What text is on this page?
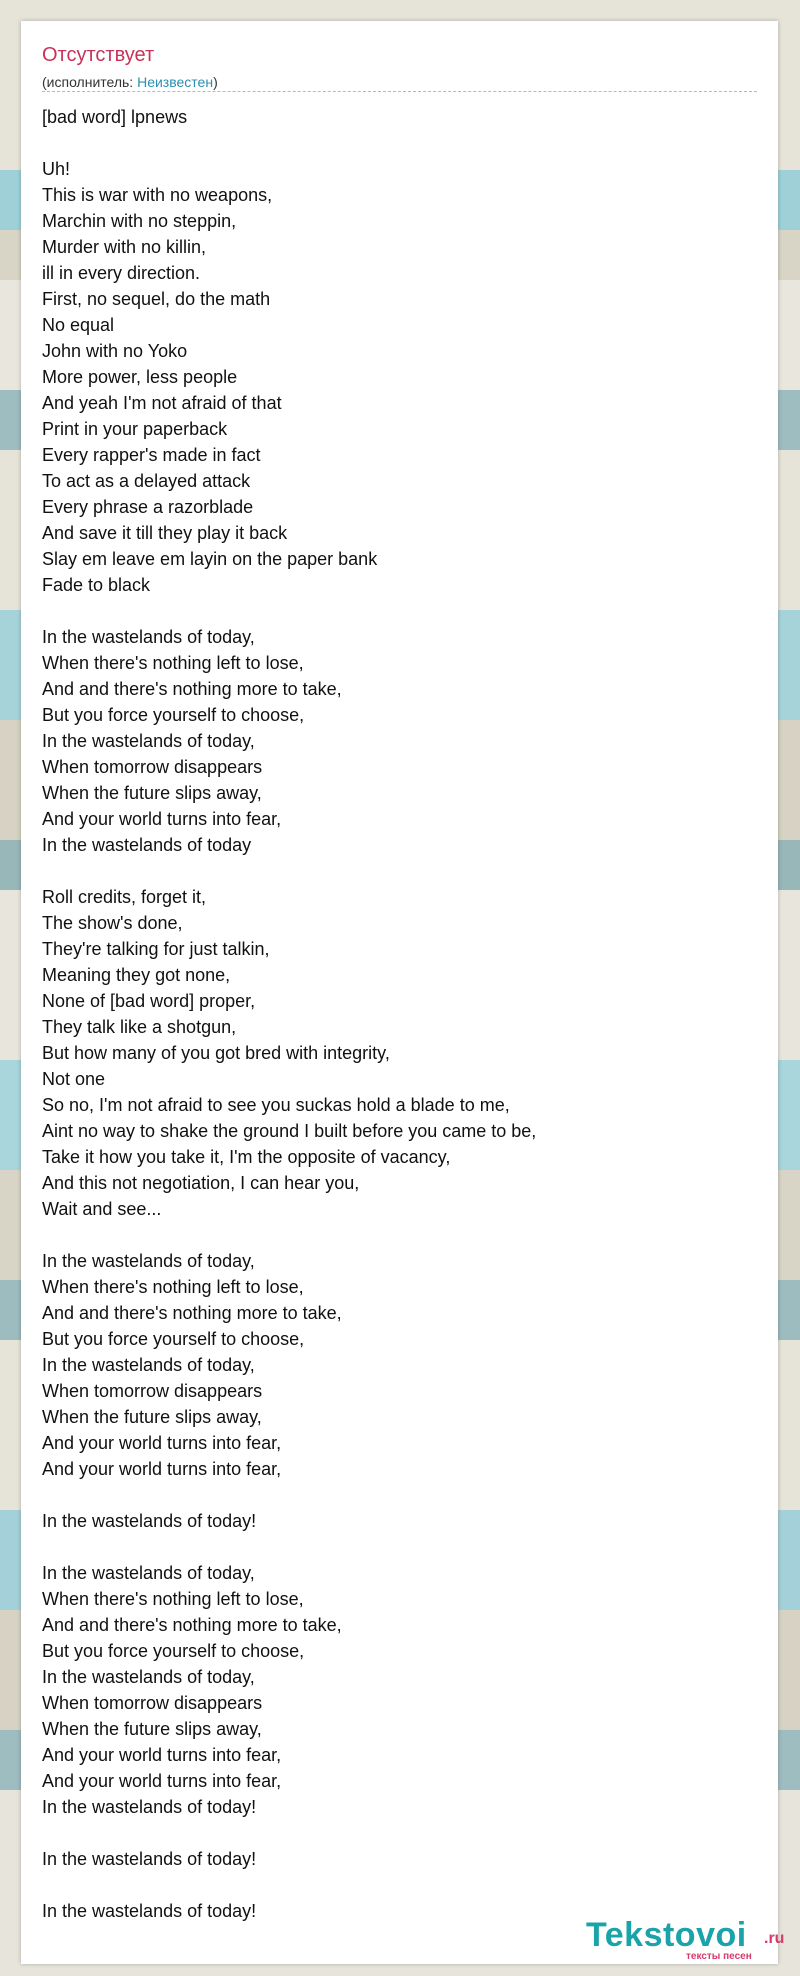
Отсутствует
(исполнитель: Неизвестен)
[bad word] lpnews

Uh!
This is war with no weapons,
Marchin with no steppin,
Murder with no killin,
ill in every direction.
First, no sequel, do the math
No equal
John with no Yoko
More power, less people
And yeah I'm not afraid of that
Print in your paperback
Every rapper's made in fact
To act as a delayed attack
Every phrase a razorblade
And save it till they play it back
Slay em leave em layin on the paper bank
Fade to black

In the wastelands of today,
When there's nothing left to lose,
And and there's nothing more to take,
But you force yourself to choose,
In the wastelands of today,
When tomorrow disappears
When the future slips away,
And your world turns into fear,
In the wastelands of today

Roll credits, forget it,
The show's done,
They're talking for just talkin,
Meaning they got none,
None of [bad word] proper,
They talk like a shotgun,
But how many of you got bred with integrity,
Not one
So no, I'm not afraid to see you suckas hold a blade to me,
Aint no way to shake the ground I built before you came to be,
Take it how you take it, I'm the opposite of vacancy,
And this not negotiation, I can hear you,
Wait and see...

In the wastelands of today,
When there's nothing left to lose,
And and there's nothing more to take,
But you force yourself to choose,
In the wastelands of today,
When tomorrow disappears
When the future slips away,
And your world turns into fear,
And your world turns into fear,

In the wastelands of today!

In the wastelands of today,
When there's nothing left to lose,
And and there's nothing more to take,
But you force yourself to choose,
In the wastelands of today,
When tomorrow disappears
When the future slips away,
And your world turns into fear,
And your world turns into fear,
In the wastelands of today!

In the wastelands of today!

In the wastelands of today!
Tekstovoi .ru
тексты песен
